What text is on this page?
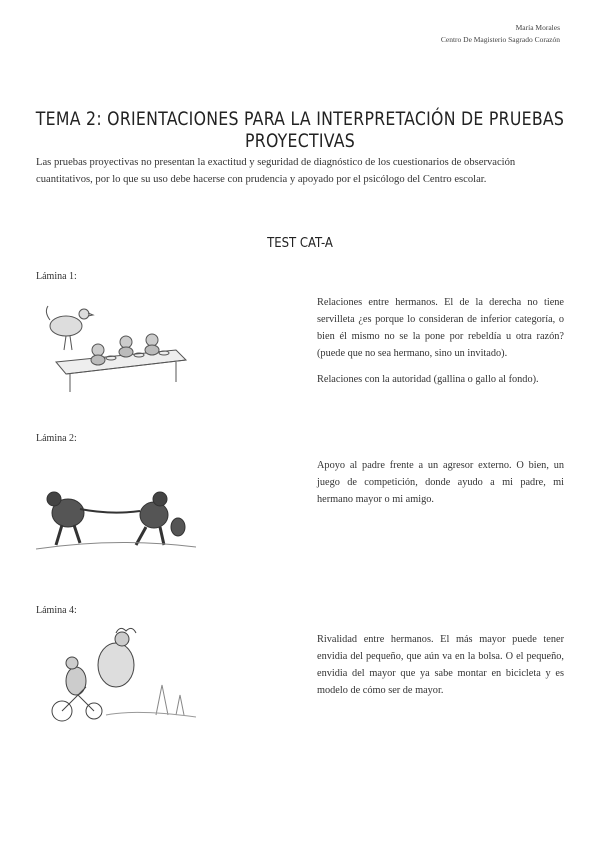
María Morales
Centro De Magisterio Sagrado Corazón
TEMA 2: ORIENTACIONES PARA LA INTERPRETACIÓN DE PRUEBAS PROYECTIVAS
Las pruebas proyectivas no presentan la exactitud y seguridad de diagnóstico de los cuestionarios de observación cuantitativos, por lo que su uso debe hacerse con prudencia y apoyado por el psicólogo del Centro escolar.
TEST CAT-A
Lámina 1:

Relaciones entre hermanos. El de la derecha no tiene servilleta ¿es porque lo consideran de inferior categoría, o bien él mismo no se la pone por rebeldía u otra razón? (puede que no sea hermano, sino un invitado).

Relaciones con la autoridad (gallina o gallo al fondo).

Lámina 2:

Apoyo al padre frente a un agresor externo. O bien, un juego de competición, donde ayudo a mi padre, mi hermano mayor o mi amigo.

Lámina 4:

Rivalidad entre hermanos. El más mayor puede tener envidia del pequeño, que aún va en la bolsa. O el pequeño, envidia del mayor que ya sabe montar en bicicleta y es modelo de cómo ser de mayor.
